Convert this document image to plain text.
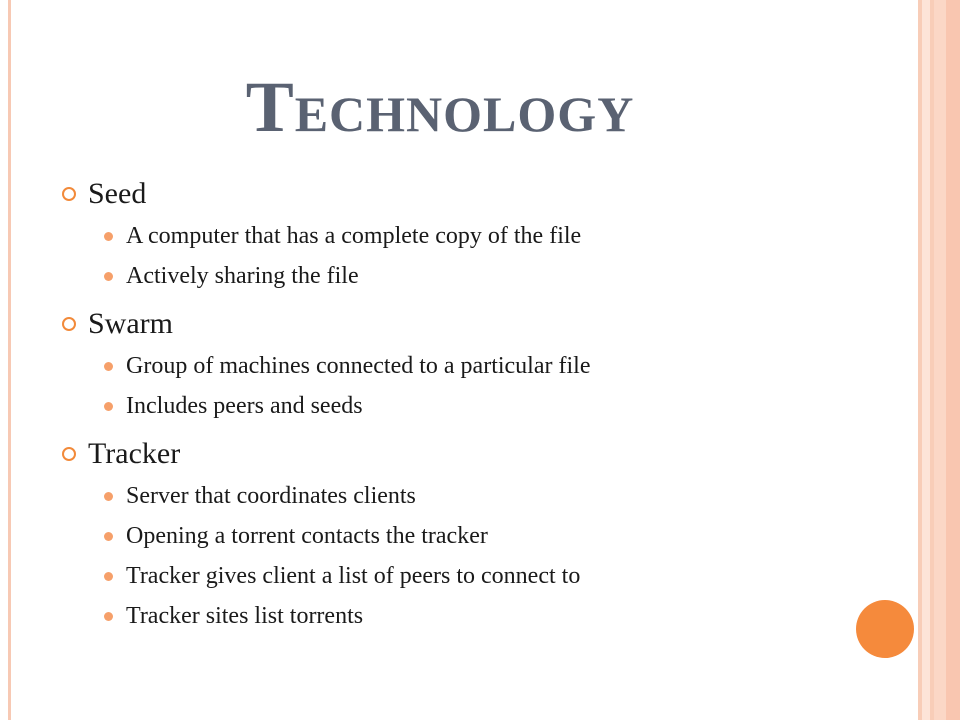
Technology
Seed
A computer that has a complete copy of the file
Actively sharing the file
Swarm
Group of machines connected to a particular file
Includes peers and seeds
Tracker
Server that coordinates clients
Opening a torrent contacts the tracker
Tracker gives client a list of peers to connect to
Tracker sites list torrents
